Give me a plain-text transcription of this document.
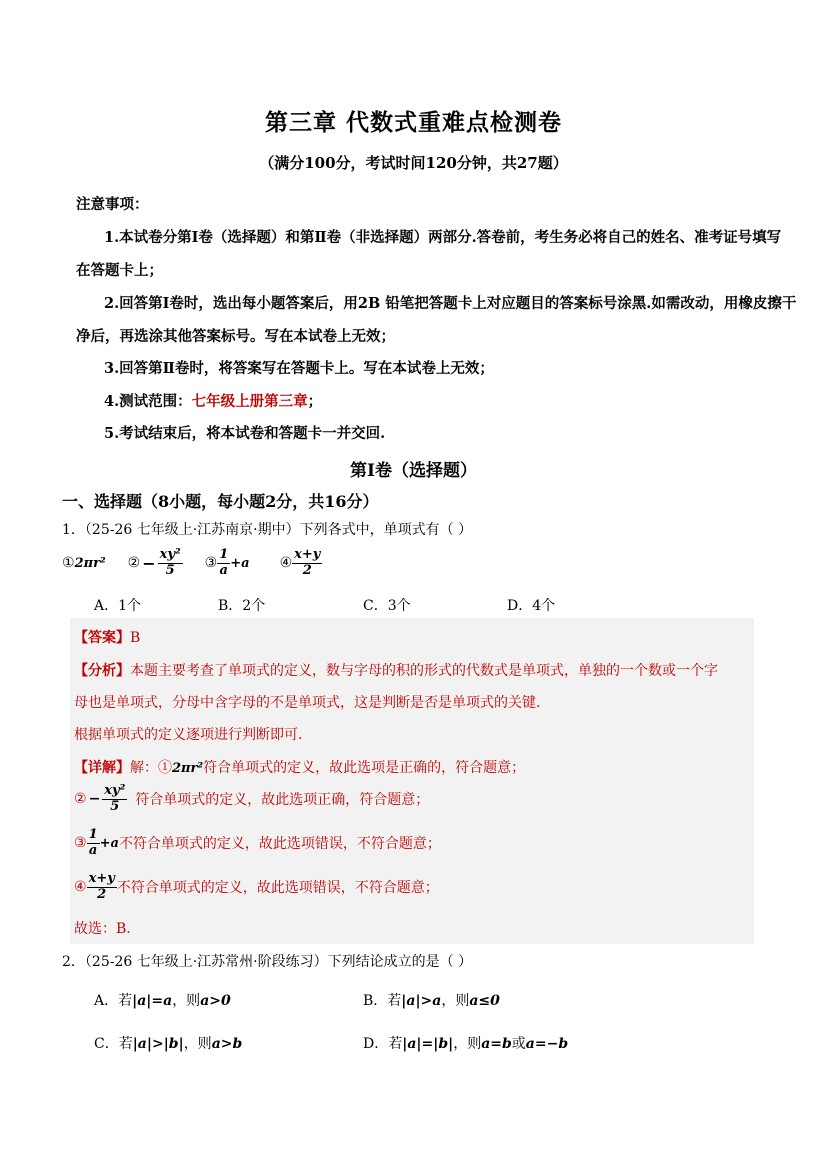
第三章 代数式重难点检测卷
（满分100分，考试时间120分钟，共27题）
注意事项：
1.本试卷分第Ⅰ卷（选择题）和第Ⅱ卷（非选择题）两部分.答卷前，考生务必将自己的姓名、准考证号填写
在答题卡上；
2.回答第Ⅰ卷时，选出每小题答案后，用2B 铅笔把答题卡上对应题目的答案标号涂黑.如需改动，用橡皮擦干
净后，再选涂其他答案标号。写在本试卷上无效；
3.回答第Ⅱ卷时，将答案写在答题卡上。写在本试卷上无效；
4.测试范围：七年级上册第三章；
5.考试结束后，将本试卷和答题卡一并交回.
第Ⅰ卷（选择题）
一、选择题（8小题，每小题2分，共16分）
1．（25-26 七年级上·江苏南京·期中）下列各式中，单项式有（ ）
① 2πr² ② − $\frac{\text{xy²}}{5}$ ③ $\frac{1}{a} +a$ ④ $\frac{x+y}{2}$
A．1个	B．2个	C．3个	D．4个
【答案】B
【分析】本题主要考查了单项式的定义，数与字母的积的形式的代数式是单项式，单独的一个数或一个字
母也是单项式，分母中含字母的不是单项式，这是判断是否是单项式的关键.
根据单项式的定义逐项进行判断即可.
【详解】解：①2πr²符合单项式的定义，故此选项是正确的，符合题意；
② − $\frac{\text{xy²}}{5}$ 符合单项式的定义，故此选项正确，符合题意；
③ $\frac{1}{a} +a$ 不符合单项式的定义，故此选项错误，不符合题意；
④ $\frac{x+y}{2}$ 不符合单项式的定义，故此选项错误，不符合题意；
故选：B.
2．（25-26 七年级上·江苏常州·阶段练习）下列结论成立的是（ ）
A．若|a|=a，则a>0	B．若|a|>a，则a≤0
C．若|a|>|b|，则a>b	D．若|a|=|b|，则a=b或a=−b
